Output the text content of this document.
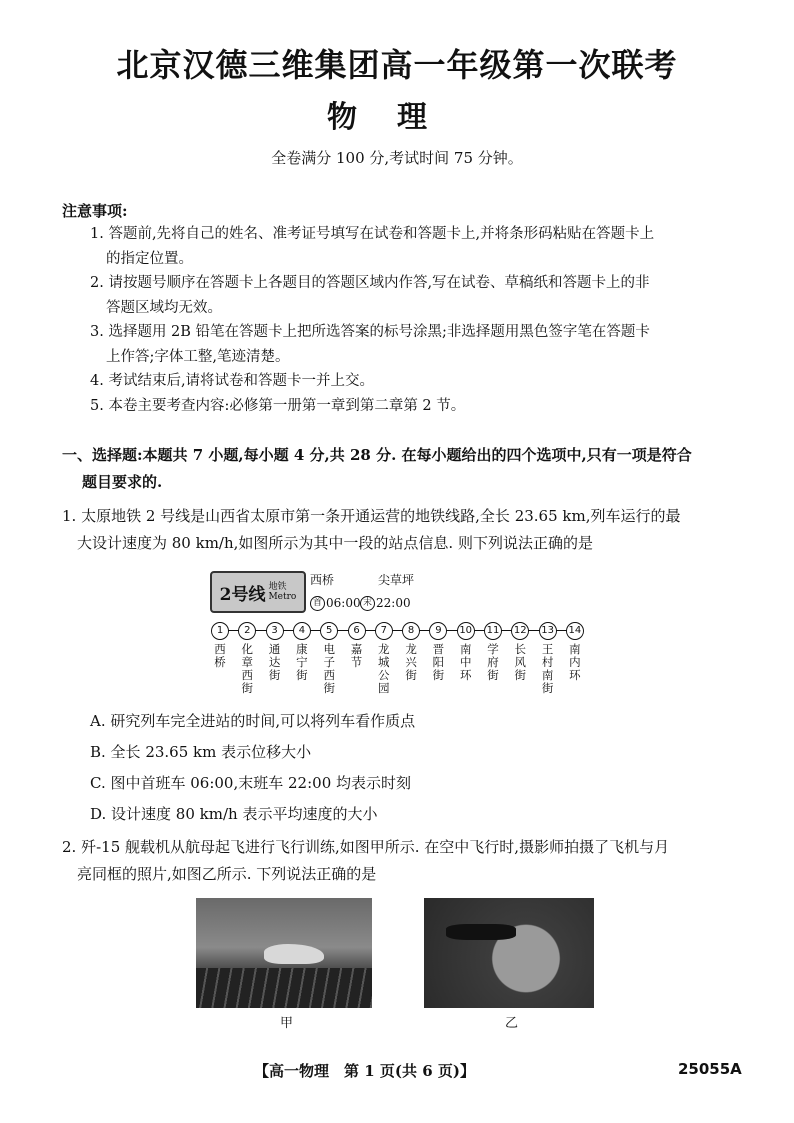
北京汉德三维集团高一年级第一次联考
物理
全卷满分 100 分,考试时间 75 分钟。
注意事项:

1. 答题前,先将自己的姓名、准考证号填写在试卷和答题卡上,并将条形码粘贴在答题卡上

的指定位置。

2. 请按题号顺序在答题卡上各题目的答题区域内作答,写在试卷、草稿纸和答题卡上的非

答题区域均无效。

3. 选择题用 2B 铅笔在答题卡上把所选答案的标号涂黑;非选择题用黑色签字笔在答题卡

上作答;字体工整,笔迹清楚。

4. 考试结束后,请将试卷和答题卡一并上交。

5. 本卷主要考查内容:必修第一册第一章到第二章第 2 节。

一、选择题:本题共 7 小题,每小题 4 分,共 28 分. 在每小题给出的四个选项中,只有一项是符合
题目要求的.
1. 太原地铁 2 号线是山西省太原市第一条开通运营的地铁线路,全长 23.65 km,列车运行的最
大设计速度为 80 km/h,如图所示为其中一段的站点信息. 则下列说法正确的是
2号线 地铁
Metro
西桥	尖草坪
首 06:00 末 22:00
1
西桥
2
化章西街
3
通达街
4
康宁街
5
电子西街
6
嘉节
7
龙城公园
8
龙兴街
9
晋阳街
10
南中环
11
学府街
12
长风街
13
王村南街
14
南内环

A. 研究列车完全进站的时间,可以将列车看作质点

B. 全长 23.65 km 表示位移大小

C. 图中首班车 06:00,末班车 22:00 均表示时刻

D. 设计速度 80 km/h 表示平均速度的大小

2. 歼-15 舰载机从航母起飞进行飞行训练,如图甲所示. 在空中飞行时,摄影师拍摄了飞机与月
亮同框的照片,如图乙所示. 下列说法正确的是
甲	乙
【高一物理　第 1 页(共 6 页)】	25055A
